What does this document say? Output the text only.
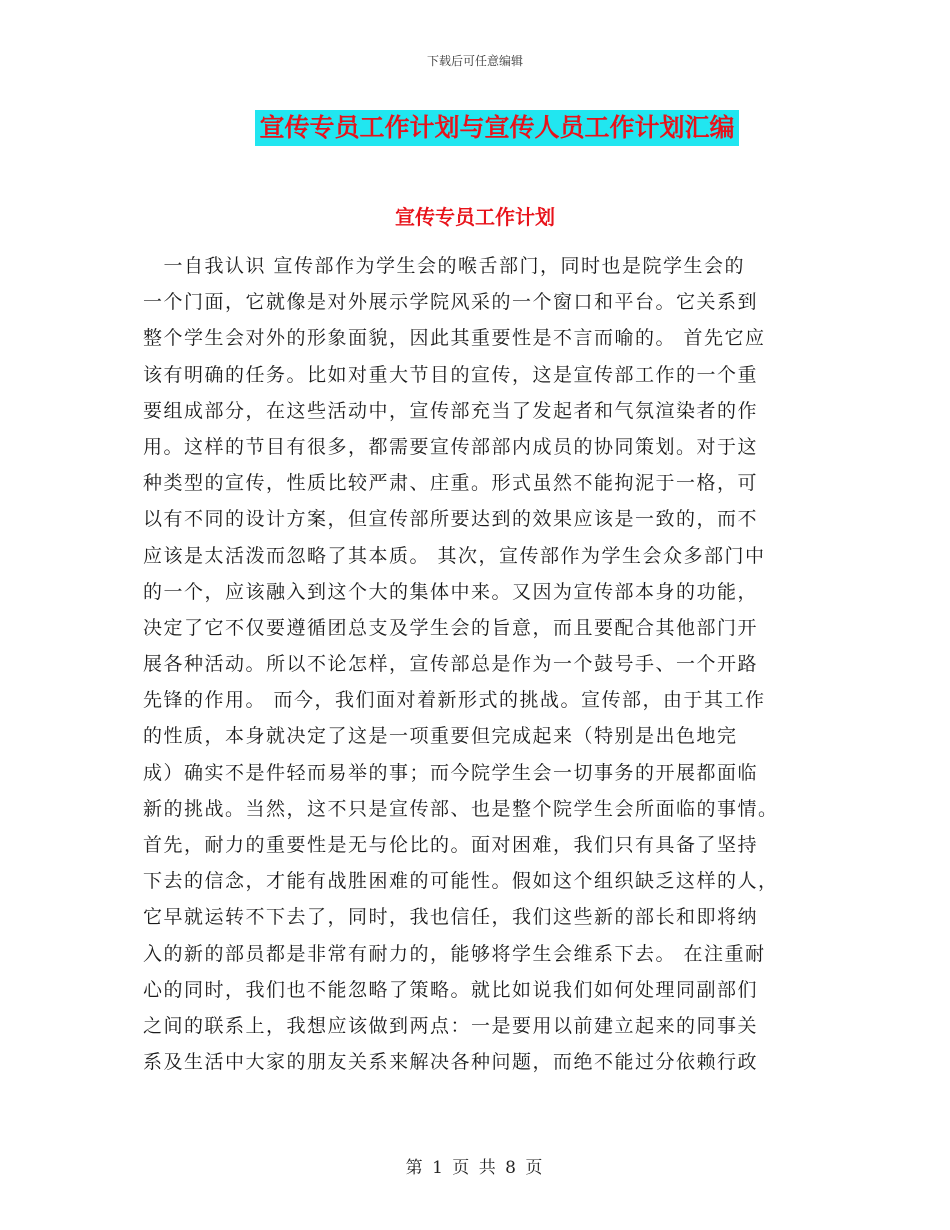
下载后可任意编辑
宣传专员工作计划与宣传人员工作计划汇编
宣传专员工作计划
　一自我认识 宣传部作为学生会的喉舌部门，同时也是院学生会的
一个门面，它就像是对外展示学院风采的一个窗口和平台。它关系到
整个学生会对外的形象面貌，因此其重要性是不言而喻的。 首先它应
该有明确的任务。比如对重大节目的宣传，这是宣传部工作的一个重
要组成部分，在这些活动中，宣传部充当了发起者和气氛渲染者的作
用。这样的节目有很多，都需要宣传部部内成员的协同策划。对于这
种类型的宣传，性质比较严肃、庄重。形式虽然不能拘泥于一格，可
以有不同的设计方案，但宣传部所要达到的效果应该是一致的，而不
应该是太活泼而忽略了其本质。 其次，宣传部作为学生会众多部门中
的一个，应该融入到这个大的集体中来。又因为宣传部本身的功能，
决定了它不仅要遵循团总支及学生会的旨意，而且要配合其他部门开
展各种活动。所以不论怎样，宣传部总是作为一个鼓号手、一个开路
先锋的作用。 而今，我们面对着新形式的挑战。宣传部，由于其工作
的性质，本身就决定了这是一项重要但完成起来（特别是出色地完
成）确实不是件轻而易举的事；而今院学生会一切事务的开展都面临
新的挑战。当然，这不只是宣传部、也是整个院学生会所面临的事情。
首先，耐力的重要性是无与伦比的。面对困难，我们只有具备了坚持
下去的信念，才能有战胜困难的可能性。假如这个组织缺乏这样的人，
它早就运转不下去了，同时，我也信任，我们这些新的部长和即将纳
入的新的部员都是非常有耐力的，能够将学生会维系下去。 在注重耐
心的同时，我们也不能忽略了策略。就比如说我们如何处理同副部们
之间的联系上，我想应该做到两点：一是要用以前建立起来的同事关
系及生活中大家的朋友关系来解决各种问题，而绝不能过分依赖行政
第 1 页 共 8 页
